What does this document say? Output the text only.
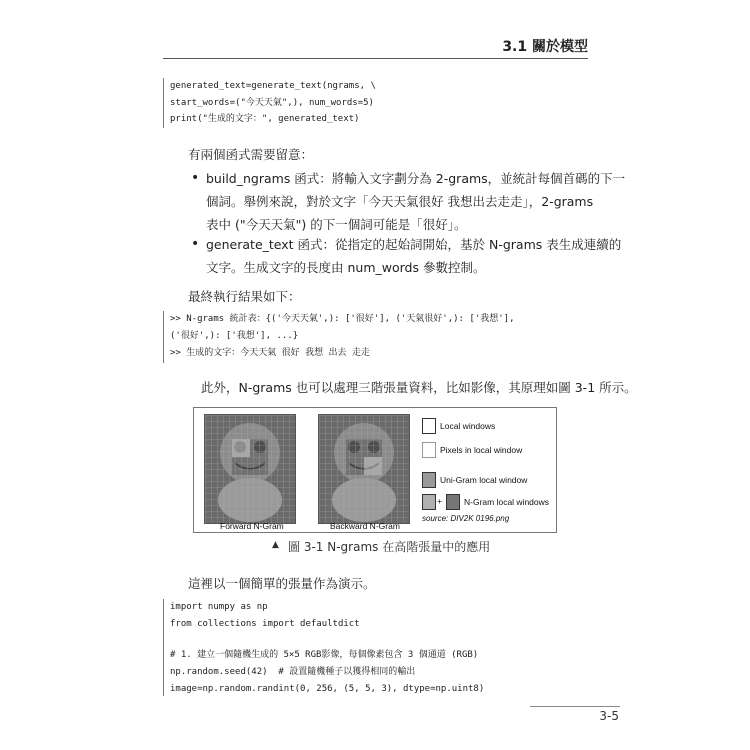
3.1 關於模型
generated_text=generate_text(ngrams, \
start_words=("今天天氣",), num_words=5)
print("生成的文字：", generated_text)
有兩個函式需要留意：
• build_ngrams 函式：將輸入文字劃分為 2-grams，並統計每個首碼的下一
個詞。舉例來說，對於文字「今天天氣很好 我想出去走走」，2-grams
表中 ("今天天氣") 的下一個詞可能是「很好」。
• generate_text 函式：從指定的起始詞開始，基於 N-grams 表生成連續的
文字。生成文字的長度由 num_words 參數控制。
最終執行結果如下：
>> N-grams 統計表：{('今天天氣',): ['很好'], ('天氣很好',): ['我想'],
('很好',): ['我想'], ...}
>> 生成的文字：今天天氣 很好 我想 出去 走走
此外，N-grams 也可以處理三階張量資料，比如影像，其原理如圖 3-1 所示。
Forward N-Gram	Backward N-Gram
Local windows
Pixels in local window
Uni-Gram local window
+	N-Gram local windows
source: DIV2K 0196.png
▲ 圖 3-1 N-grams 在高階張量中的應用
這裡以一個簡單的張量作為演示。
import numpy as np
from collections import defaultdict
# 1. 建立一個隨機生成的 5×5 RGB影像，每個像素包含 3 個通道 (RGB)
np.random.seed(42)  # 設置隨機種子以獲得相同的輸出
image=np.random.randint(0, 256, (5, 5, 3), dtype=np.uint8)
3-5
